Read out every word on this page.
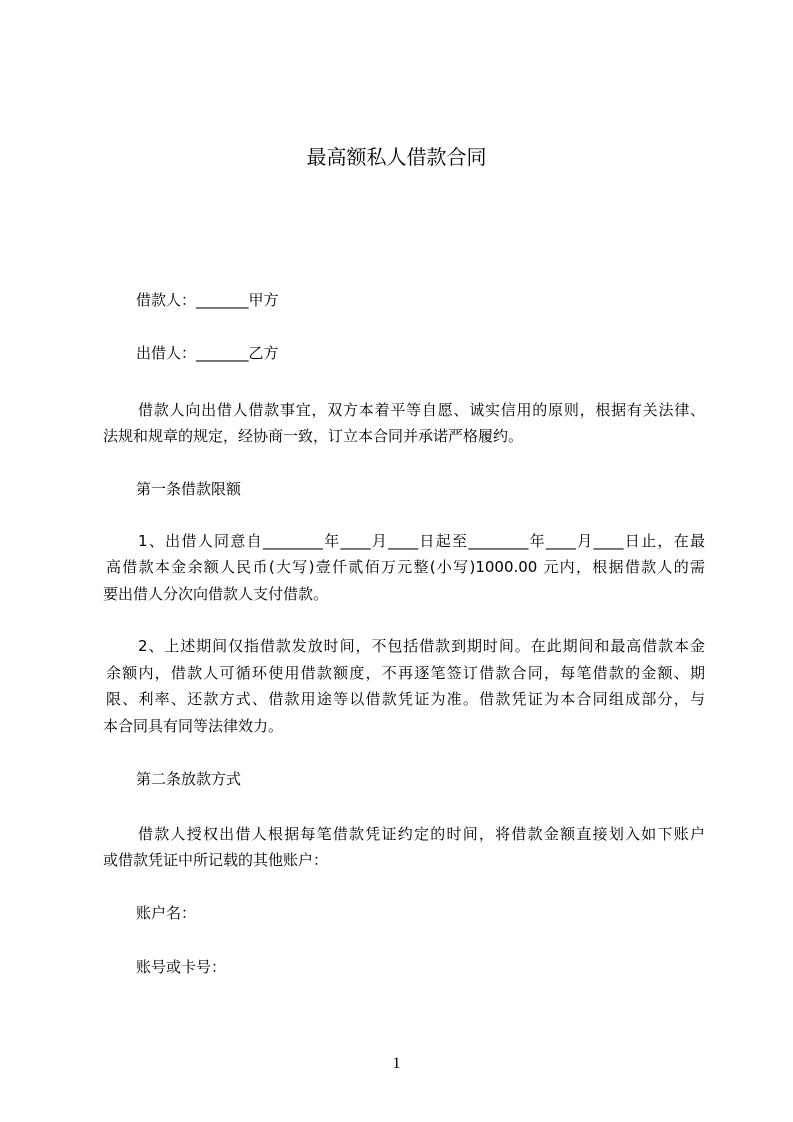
最高额私人借款合同
借款人：_______甲方
出借人：_______乙方
借款人向出借人借款事宜，双方本着平等自愿、诚实信用的原则，根据有关法律、
法规和规章的规定，经协商一致，订立本合同并承诺严格履约。
第一条借款限额
1、出借人同意自________年____月____日起至________年____月____日止，在最
高借款本金余额人民币(大写)壹仟贰佰万元整(小写)1000.00 元内，根据借款人的需
要出借人分次向借款人支付借款。
2、上述期间仅指借款发放时间，不包括借款到期时间。在此期间和最高借款本金
余额内，借款人可循环使用借款额度，不再逐笔签订借款合同，每笔借款的金额、期
限、利率、还款方式、借款用途等以借款凭证为准。借款凭证为本合同组成部分，与
本合同具有同等法律效力。
第二条放款方式
借款人授权出借人根据每笔借款凭证约定的时间，将借款金额直接划入如下账户
或借款凭证中所记载的其他账户：
账户名：
账号或卡号：
1
